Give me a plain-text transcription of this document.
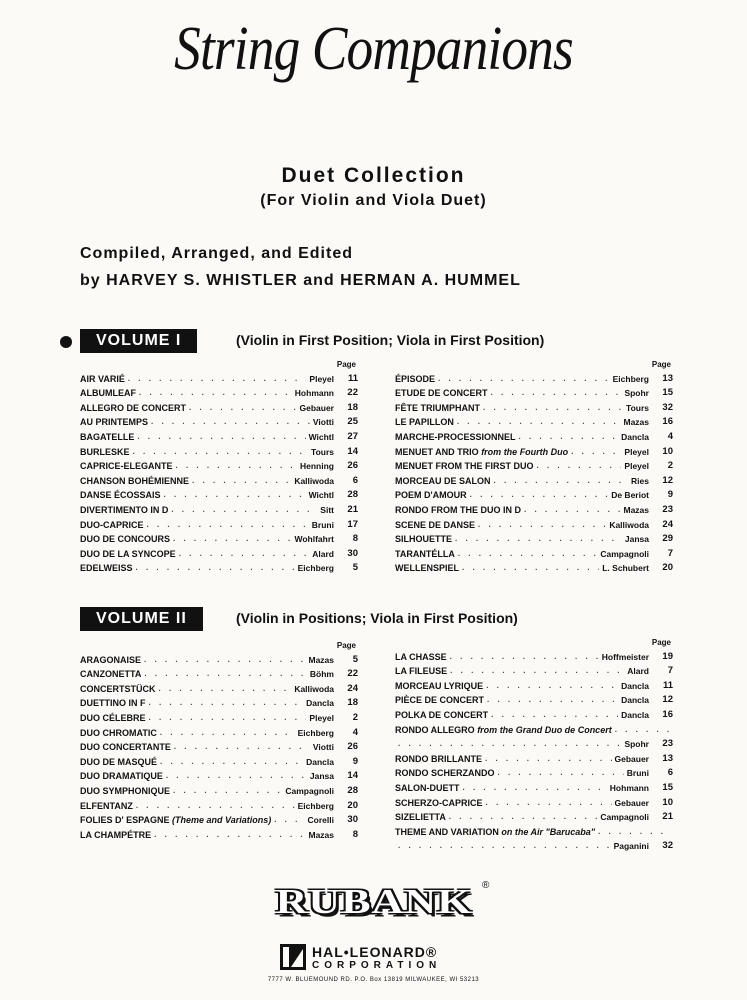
String Companions
Duet Collection
(For Violin and Viola Duet)
Compiled, Arranged, and Edited
by HARVEY S. WHISTLER and HERMAN A. HUMMEL
VOLUME I	(Violin in First Position; Viola in First Position)
Page
AIR VARIÉ . . .	Pleyel	11
ALBUMLEAF . . .	Hohmann	22
ALLEGRO DE CONCERT . . .	Gebauer	18
AU PRINTEMPS . . .	Viotti	25
BAGATELLE . . .	Wichtl	27
BURLESKE . . .	Tours	14
CAPRICE-ELEGANTE . . .	Henning	26
CHANSON BOHÉMIENNE . . .	Kalliwoda	6
DANSE ÉCOSSAIS . . .	Wichtl	28
DIVERTIMENTO IN D . . .	Sitt	21
DUO-CAPRICE . . .	Bruni	17
DUO DE CONCOURS . . .	Wohlfahrt	8
DUO DE LA SYNCOPE . . .	Alard	30
EDELWEISS . . .	Eichberg	5
Page
ÉPISODE . . .	Eichberg	13
ETUDE DE CONCERT . . .	Spohr	15
FÊTE TRIUMPHANT . . .	Tours	32
LE PAPILLON . . .	Mazas	16
MARCHE-PROCESSIONNEL . . .	Dancla	4
MENUET AND TRIO from the Fourth Duo . . .	Pleyel	10
MENUET FROM THE FIRST DUO . . .	Pleyel	2
MORCEAU DE SALON . . .	Ries	12
POEM D'AMOUR . . .	De Beriot	9
RONDO FROM THE DUO IN D . . .	Mazas	23
SCENE DE DANSE . . .	Kalliwoda	24
SILHOUETTE . . .	Jansa	29
TARANTÉLLA . . .	Campagnoli	7
WELLENSPIEL . . .	L. Schubert	20
VOLUME II	(Violin in Positions; Viola in First Position)
Page
ARAGONAISE . . .	Mazas	5
CANZONETTA . . .	Böhm	22
CONCERTSTÜCK . . .	Kalliwoda	24
DUETTINO IN F . . .	Dancla	18
DUO CÉLEBRE . . .	Pleyel	2
DUO CHROMATIC . . .	Eichberg	4
DUO CONCERTANTE . . .	Viotti	26
DUO DE MASQUÉ . . .	Dancla	9
DUO DRAMATIQUE . . .	Jansa	14
DUO SYMPHONIQUE . . .	Campagnoli	28
ELFENTANZ . . .	Eichberg	20
FOLIES D' ESPAGNE (Theme and Variations) . . .	Corelli	30
LA CHAMPÉTRE . . .	Mazas	8
Page
LA CHASSE . . .	Hoffmeister	19
LA FILEUSE . . .	Alard	7
MORCEAU LYRIQUE . . .	Dancla	11
PIÈCE DE CONCERT . . .	Dancla	12
POLKA DE CONCERT . . .	Dancla	16
RONDO ALLEGRO from the Grand Duo de Concert
. . .
. . .
Spohr	23
RONDO BRILLANTE . . .	Gebauer	13
RONDO SCHERZANDO . . .	Bruni	6
SALON-DUETT . . .	Hohmann	15
SCHERZO-CAPRICE . . .	Gebauer	10
SIZELIETTA . . .	Campagnoli	21
THEME AND VARIATION on the Air "Barucaba"
. . .
. . .
Paganini	32
RUBANK ®
HAL•LEONARD®
CORPORATION
7777 W. BLUEMOUND RD. P.O. Box 13819 MILWAUKEE, WI 53213
